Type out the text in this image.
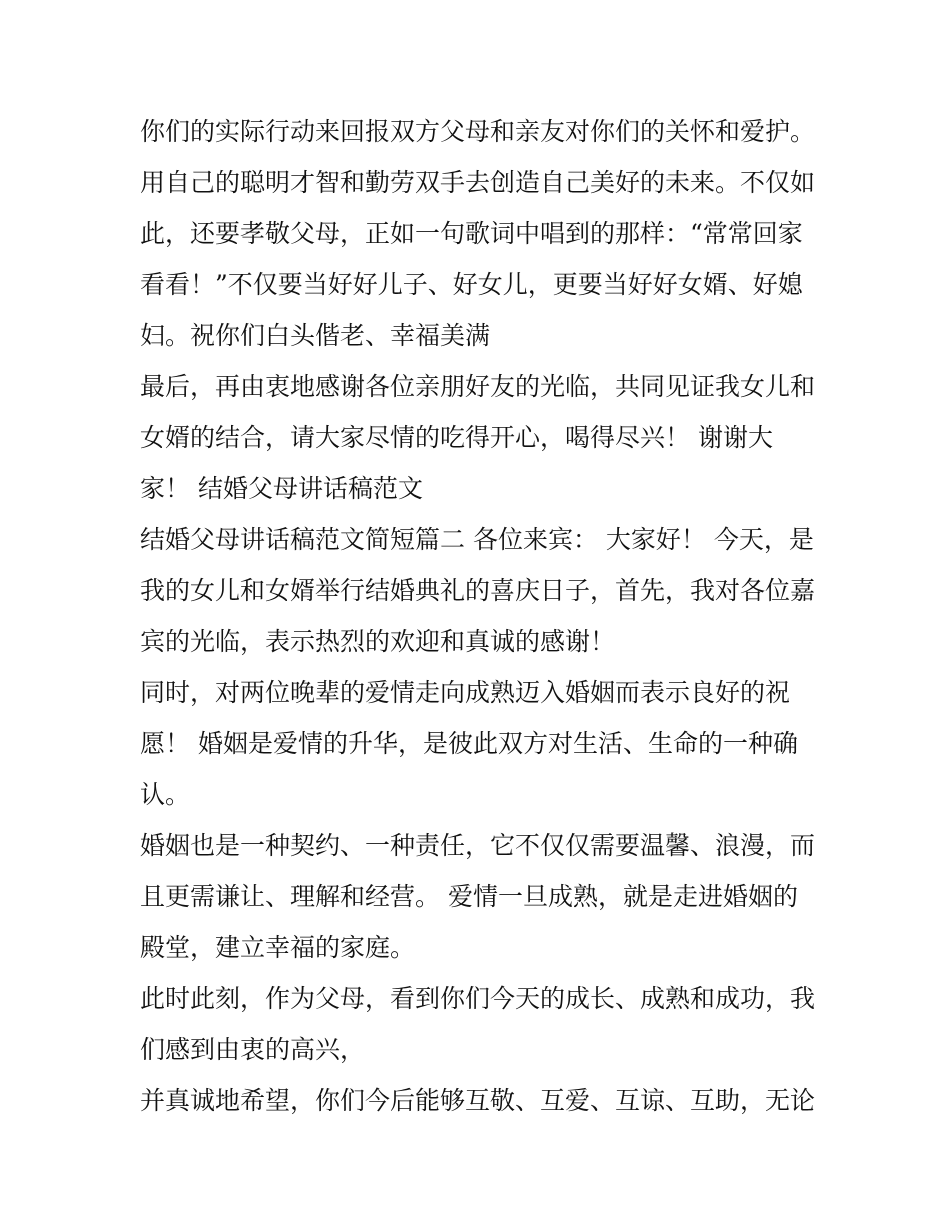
你们的实际行动来回报双方父母和亲友对你们的关怀和爱护。
用自己的聪明才智和勤劳双手去创造自己美好的未来。不仅如
此，还要孝敬父母，正如一句歌词中唱到的那样：“常常回家
看看！”不仅要当好好儿子、好女儿，更要当好好女婿、好媳
妇。祝你们白头偕老、幸福美满
最后，再由衷地感谢各位亲朋好友的光临，共同见证我女儿和
女婿的结合，请大家尽情的吃得开心，喝得尽兴！ 谢谢大
家！ 结婚父母讲话稿范文
结婚父母讲话稿范文简短篇二 各位来宾： 大家好！ 今天，是
我的女儿和女婿举行结婚典礼的喜庆日子，首先，我对各位嘉
宾的光临，表示热烈的欢迎和真诚的感谢！
同时，对两位晚辈的爱情走向成熟迈入婚姻而表示良好的祝
愿！ 婚姻是爱情的升华，是彼此双方对生活、生命的一种确
认。
婚姻也是一种契约、一种责任，它不仅仅需要温馨、浪漫，而
且更需谦让、理解和经营。 爱情一旦成熟，就是走进婚姻的
殿堂，建立幸福的家庭。
此时此刻，作为父母，看到你们今天的成长、成熟和成功，我
们感到由衷的高兴，
并真诚地希望，你们今后能够互敬、互爱、互谅、互助，无论
